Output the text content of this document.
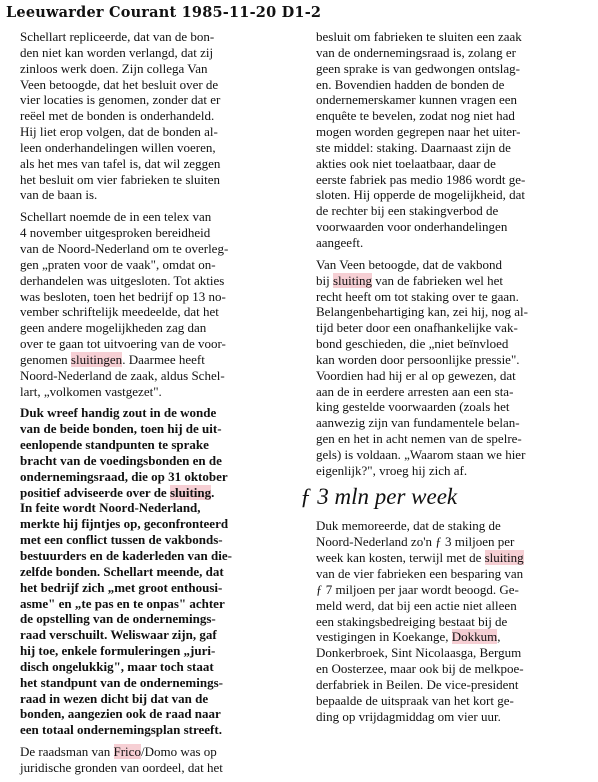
Leeuwarder Courant 1985-11-20 D1-2
Schellart repliceerde, dat van de bon-
den niet kan worden verlangd, dat zij
zinloos werk doen. Zijn collega Van
Veen betoogde, dat het besluit over de
vier locaties is genomen, zonder dat er
reëel met de bonden is onderhandeld.
Hij liet erop volgen, dat de bonden al-
leen onderhandelingen willen voeren,
als het mes van tafel is, dat wil zeggen
het besluit om vier fabrieken te sluiten
van de baan is.
Schellart noemde de in een telex van
4 november uitgesproken bereidheid
van de Noord-Nederland om te overleg-
gen „praten voor de vaak", omdat on-
derhandelen was uitgesloten. Tot akties
was besloten, toen het bedrijf op 13 no-
vember schriftelijk meedeelde, dat het
geen andere mogelijkheden zag dan
over te gaan tot uitvoering van de voor-
genomen sluitingen. Daarmee heeft
Noord-Nederland de zaak, aldus Schel-
lart, „volkomen vastgezet".
Duk wreef handig zout in de wonde
van de beide bonden, toen hij de uit-
eenlopende standpunten te sprake
bracht van de voedingsbonden en de
ondernemingsraad, die op 31 oktober
positief adviseerde over de sluiting.
In feite wordt Noord-Nederland,
merkte hij fijntjes op, geconfronteerd
met een conflict tussen de vakbonds-
bestuurders en de kaderleden van die-
zelfde bonden. Schellart meende, dat
het bedrijf zich „met groot enthousi-
asme" en „te pas en te onpas" achter
de opstelling van de ondernemings-
raad verschuilt. Weliswaar zijn, gaf
hij toe, enkele formuleringen „juri-
disch ongelukkig", maar toch staat
het standpunt van de ondernemings-
raad in wezen dicht bij dat van de
bonden, aangezien ook de raad naar
een totaal ondernemingsplan streeft.
De raadsman van Frico/Domo was op
juridische gronden van oordeel, dat het
besluit om fabrieken te sluiten een zaak
van de ondernemingsraad is, zolang er
geen sprake is van gedwongen ontslag-
en. Bovendien hadden de bonden de
ondernemerskamer kunnen vragen een
enquête te bevelen, zodat nog niet had
mogen worden gegrepen naar het uiter-
ste middel: staking. Daarnaast zijn de
akties ook niet toelaatbaar, daar de
eerste fabriek pas medio 1986 wordt ge-
sloten. Hij opperde de mogelijkheid, dat
de rechter bij een stakingverbod de
voorwaarden voor onderhandelingen
aangeeft.
Van Veen betoogde, dat de vakbond
bij sluiting van de fabrieken wel het
recht heeft om tot staking over te gaan.
Belangenbehartiging kan, zei hij, nog al-
tijd beter door een onafhankelijke vak-
bond geschieden, die „niet beïnvloed
kan worden door persoonlijke pressie".
Voordien had hij er al op gewezen, dat
aan de in eerdere arresten aan een sta-
king gestelde voorwaarden (zoals het
aanwezig zijn van fundamentele belan-
gen en het in acht nemen van de spelre-
gels) is voldaan. „Waarom staan we hier
eigenlijk?", vroeg hij zich af.
ƒ 3 mln per week
Duk memoreerde, dat de staking de
Noord-Nederland zo'n ƒ 3 miljoen per
week kan kosten, terwijl met de sluiting
van de vier fabrieken een besparing van
ƒ 7 miljoen per jaar wordt beoogd. Ge-
meld werd, dat bij een actie niet alleen
een stakingsbedreiging bestaat bij de
vestigingen in Koekange, Dokkum,
Donkerbroek, Sint Nicolaasga, Bergum
en Oosterzee, maar ook bij de melkpoe-
derfabriek in Beilen. De vice-president
bepaalde de uitspraak van het kort ge-
ding op vrijdagmiddag om vier uur.
